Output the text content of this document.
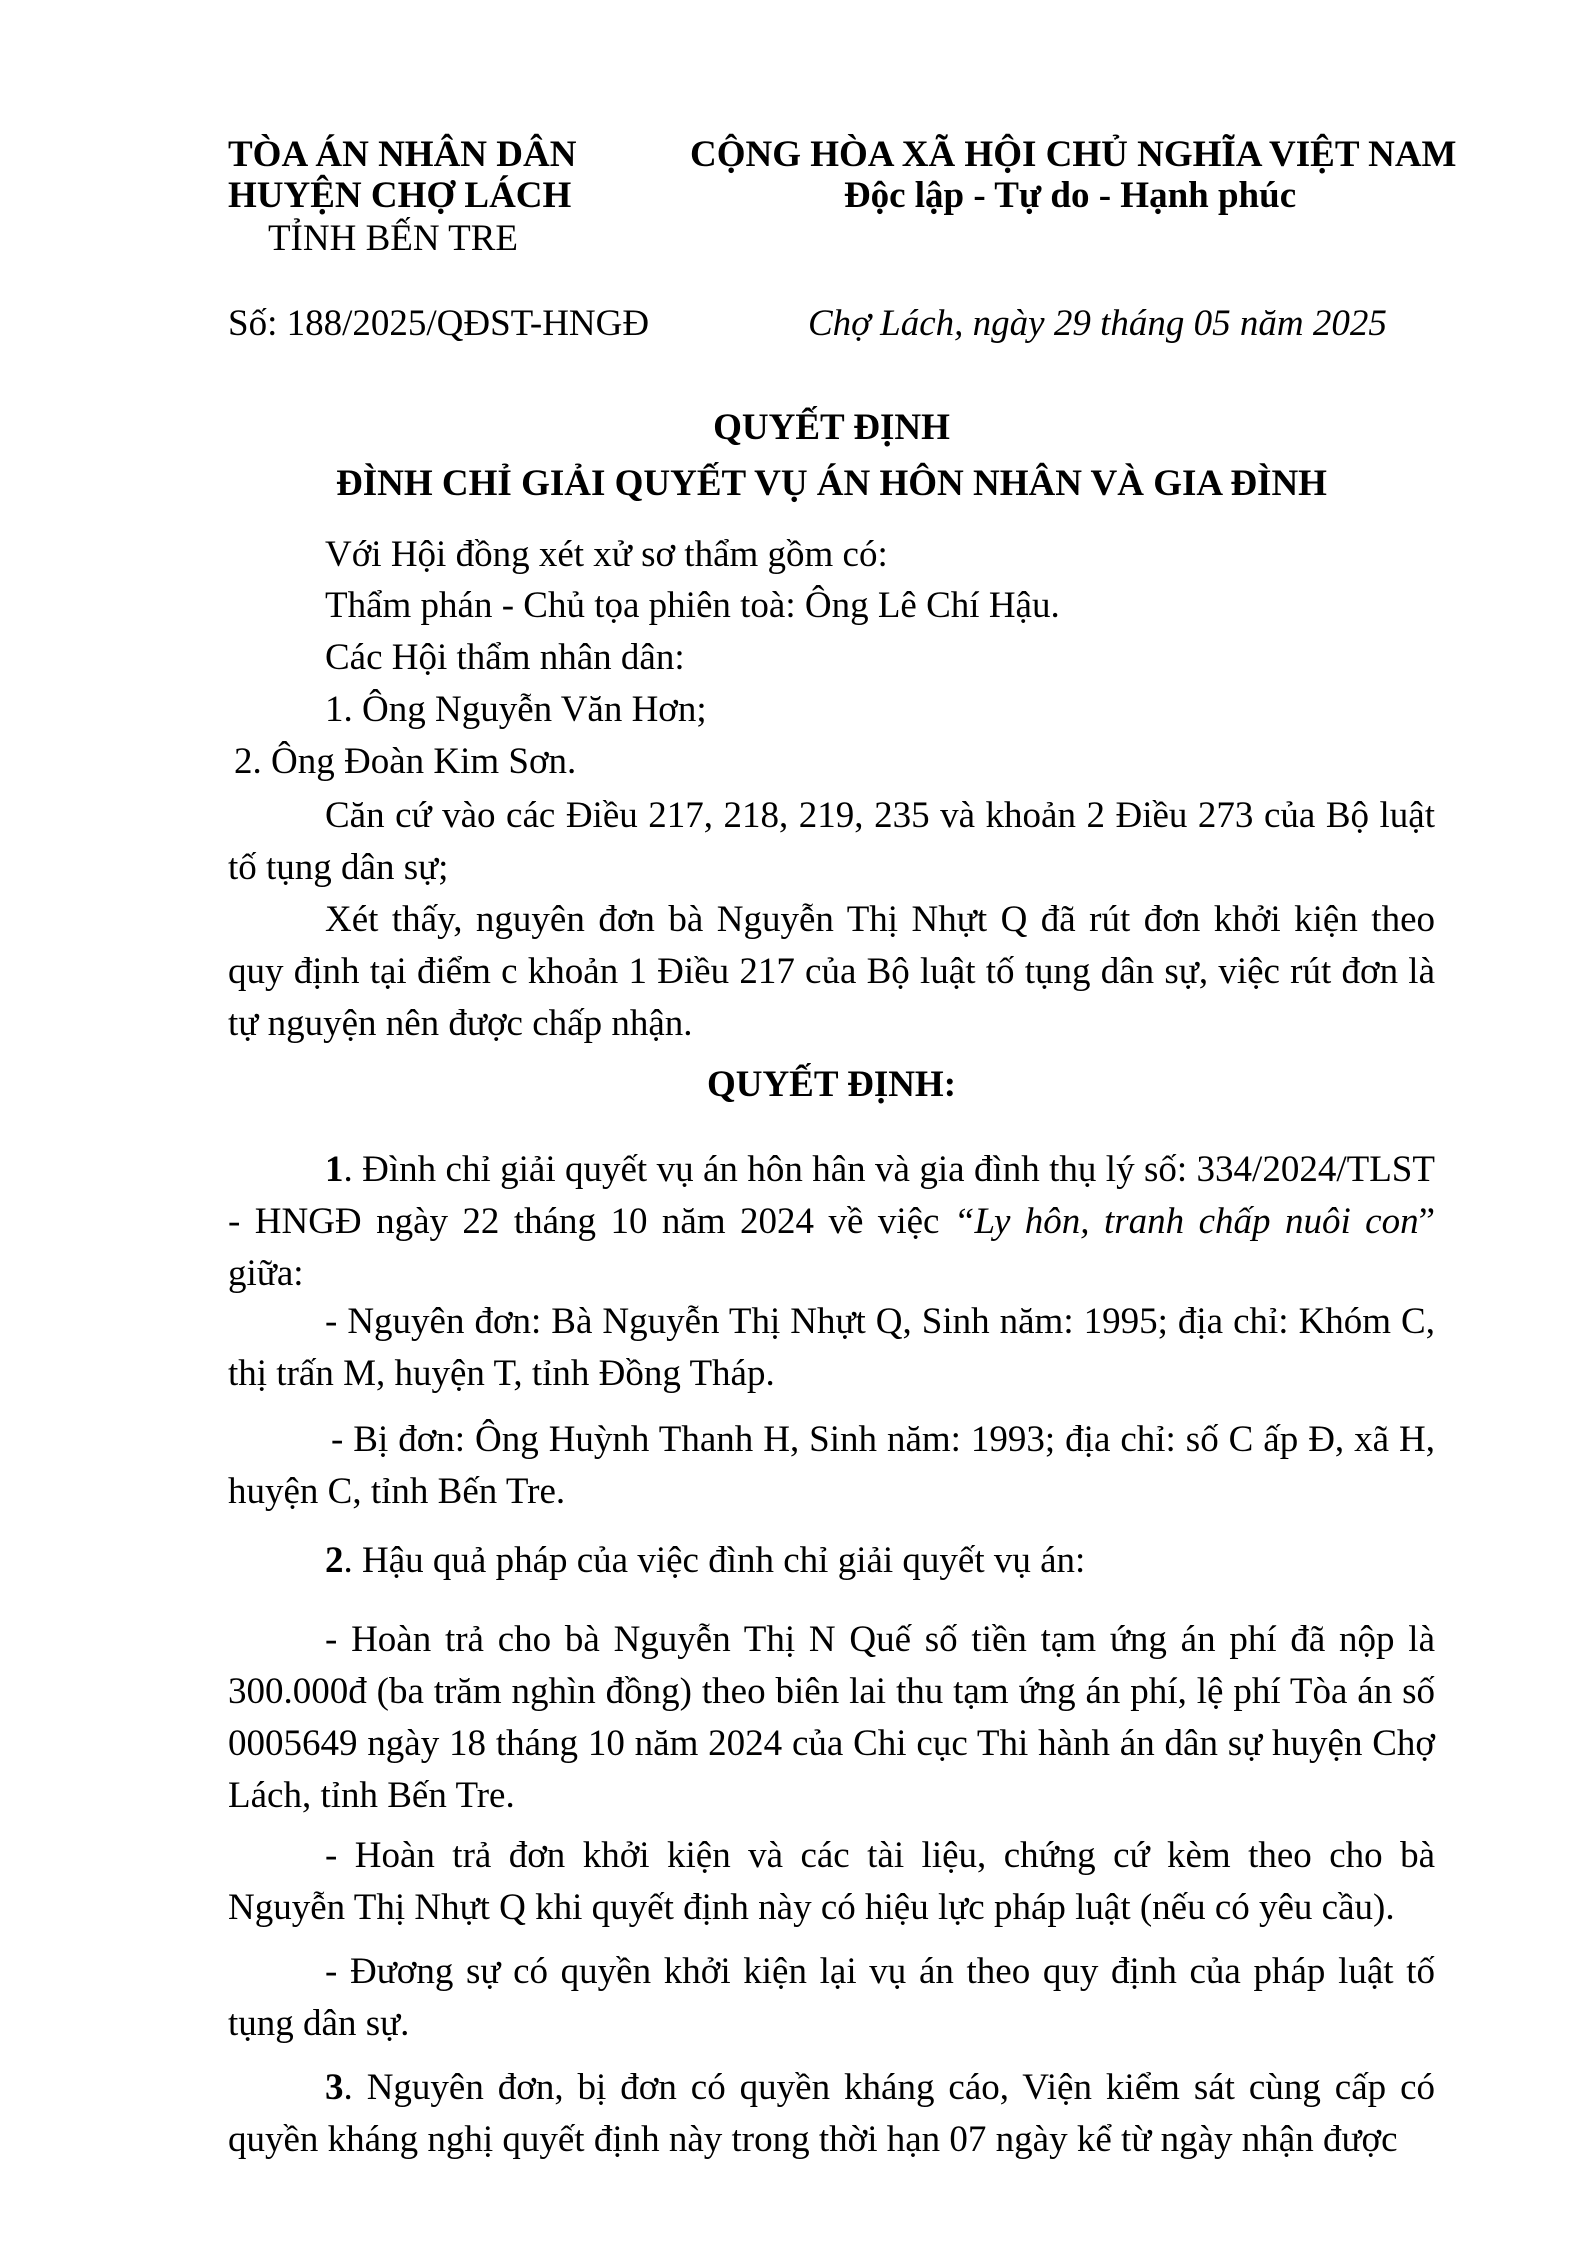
TÒA ÁN NHÂN DÂN
HUYỆN CHỢ LÁCH
TỈNH BẾN TRE
CỘNG HÒA XÃ HỘI CHỦ NGHĨA VIỆT NAM
Độc lập - Tự do - Hạnh phúc
Số: 188/2025/QĐST-HNGĐ	Chợ Lách, ngày 29 tháng 05 năm 2025
QUYẾT ĐỊNH
ĐÌNH CHỈ GIẢI QUYẾT VỤ ÁN HÔN NHÂN VÀ GIA ĐÌNH
Với Hội đồng xét xử sơ thẩm gồm có:
Thẩm phán - Chủ tọa phiên toà: Ông Lê Chí Hậu.
Các Hội thẩm nhân dân:
1. Ông Nguyễn Văn Hơn;
2. Ông Đoàn Kim Sơn.
Căn cứ vào các Điều 217, 218, 219, 235 và khoản 2 Điều 273 của Bộ luật tố tụng dân sự;
Xét thấy, nguyên đơn bà Nguyễn Thị Nhựt Q đã rút đơn khởi kiện theo quy định tại điểm c khoản 1 Điều 217 của Bộ luật tố tụng dân sự, việc rút đơn là tự nguyện nên được chấp nhận.
QUYẾT ĐỊNH:
1. Đình chỉ giải quyết vụ án hôn hân và gia đình thụ lý số: 334/2024/TLST - HNGĐ ngày 22 tháng 10 năm 2024 về việc “Ly hôn, tranh chấp nuôi con” giữa:
- Nguyên đơn: Bà Nguyễn Thị Nhựt Q, Sinh năm: 1995; địa chỉ: Khóm C, thị trấn M, huyện T, tỉnh Đồng Tháp.
- Bị đơn: Ông Huỳnh Thanh H, Sinh năm: 1993; địa chỉ: số C ấp Đ, xã H, huyện C, tỉnh Bến Tre.
2. Hậu quả pháp của việc đình chỉ giải quyết vụ án:
- Hoàn trả cho bà Nguyễn Thị N Quế số tiền tạm ứng án phí đã nộp là 300.000đ (ba trăm nghìn đồng) theo biên lai thu tạm ứng án phí, lệ phí Tòa án số 0005649 ngày 18 tháng 10 năm 2024 của Chi cục Thi hành án dân sự huyện Chợ Lách, tỉnh Bến Tre.
- Hoàn trả đơn khởi kiện và các tài liệu, chứng cứ kèm theo cho bà Nguyễn Thị Nhựt Q khi quyết định này có hiệu lực pháp luật (nếu có yêu cầu).
- Đương sự có quyền khởi kiện lại vụ án theo quy định của pháp luật tố tụng dân sự.
3. Nguyên đơn, bị đơn có quyền kháng cáo, Viện kiểm sát cùng cấp có quyền kháng nghị quyết định này trong thời hạn 07 ngày kể từ ngày nhận được
